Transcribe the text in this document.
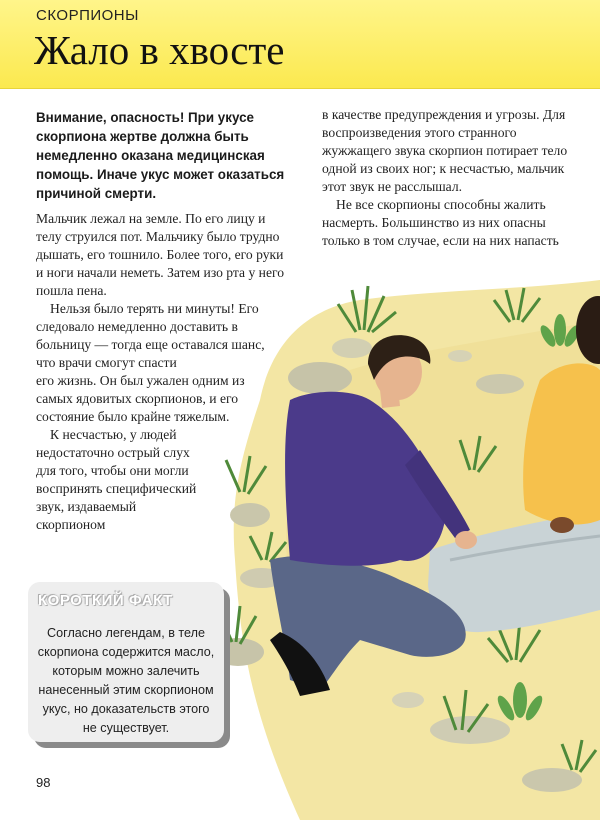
СКОРПИОНЫ
Жало в хвосте
Внимание, опасность! При укусе скорпиона жертве должна быть немедленно оказана медицинская помощь. Иначе укус может оказаться причиной смерти.

Мальчик лежал на земле. По его лицу и телу струился пот. Мальчику было трудно дышать, его тошнило. Более того, его руки и ноги начали неметь. Затем изо рта у него пошла пена.

Нельзя было терять ни минуты! Его следовало немедленно доставить в больницу — тогда еще оставался шанс, что врачи смогут спасти

его жизнь. Он был ужален одним из самых ядовитых скорпионов, и его состояние было крайне тяжелым.

К несчастью, у людей недостаточно острый слух для того, чтобы они могли воспринять специфический звук, издаваемый скорпионом

в качестве предупреждения и угрозы. Для воспроизведения этого странного жужжащего звука скорпион потирает тело одной из своих ног; к несчастью, мальчик этот звук не расслышал.

Не все скорпионы способны жалить насмерть. Большинство из них опасны только в том случае, если на них напасть

КОРОТКИЙ ФАКТ
Согласно легендам, в теле скорпиона содержится масло, которым можно залечить нанесенный этим скорпионом укус, но доказательств этого не существует.
98
